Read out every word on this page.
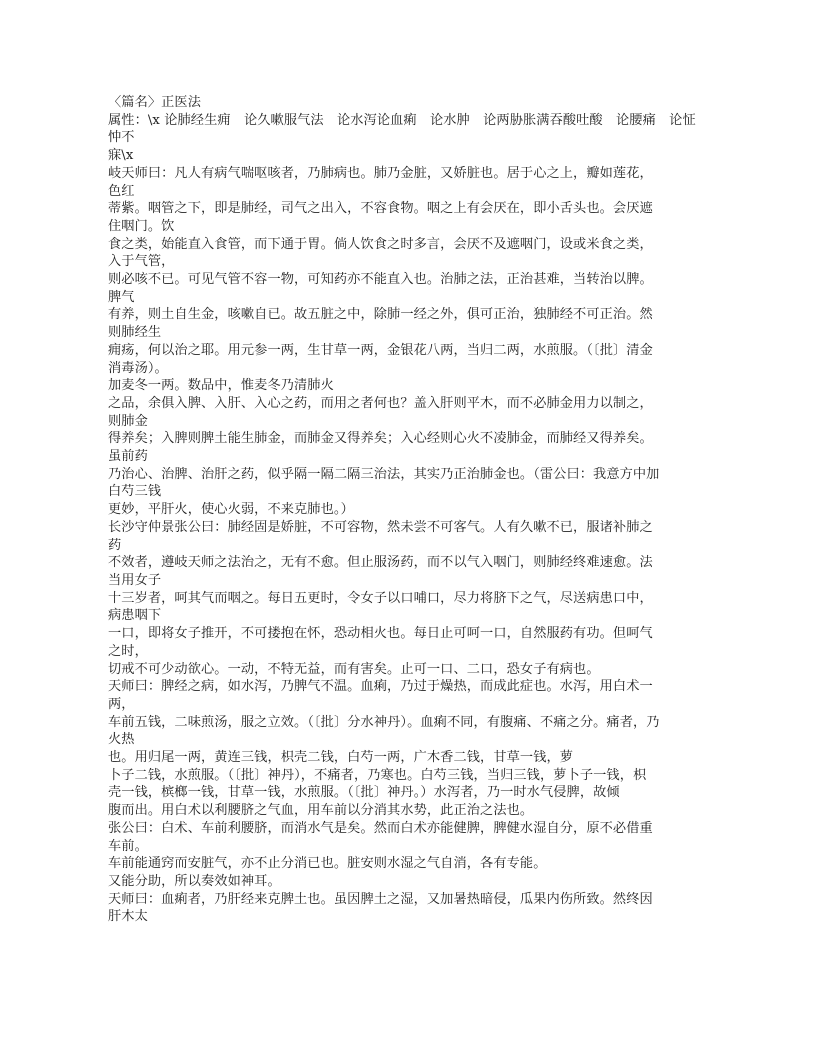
〈篇名〉正医法
属性：\x 论肺经生痈　论久嗽服气法　论水泻论血痢　论水肿　论两胁胀满吞酸吐酸　论腰痛　论怔
忡不
寐\x
岐天师曰：凡人有病气喘呕咳者，乃肺病也。肺乃金脏，又娇脏也。居于心之上，瓣如莲花，
色红
蒂紫。咽管之下，即是肺经，司气之出入，不容食物。咽之上有会厌在，即小舌头也。会厌遮
住咽门。饮
食之类，始能直入食管，而下通于胃。倘人饮食之时多言，会厌不及遮咽门，设或米食之类，
入于气管，
则必咳不已。可见气管不容一物，可知药亦不能直入也。治肺之法，正治甚难，当转治以脾。
脾气
有养，则土自生金，咳嗽自已。故五脏之中，除肺一经之外，俱可正治，独肺经不可正治。然
则肺经生
痈疡，何以治之耶。用元参一两，生甘草一两，金银花八两，当归二两，水煎服。（〔批〕清金
消毒汤）。
加麦冬一两。数品中，惟麦冬乃清肺火
之品，余俱入脾、入肝、入心之药，而用之者何也？盖入肝则平木，而不必肺金用力以制之，
则肺金
得养矣；入脾则脾土能生肺金，而肺金又得养矣；入心经则心火不凌肺金，而肺经又得养矣。
虽前药
乃治心、治脾、治肝之药，似乎隔一隔二隔三治法，其实乃正治肺金也。（雷公曰：我意方中加
白芍三钱
更妙，平肝火，使心火弱，不来克肺也。）
长沙守仲景张公曰：肺经固是娇脏，不可容物，然未尝不可客气。人有久嗽不已，服诸补肺之
药
不效者，遵岐天师之法治之，无有不愈。但止服汤药，而不以气入咽门，则肺经终难速愈。法
当用女子
十三岁者，呵其气而咽之。每日五更时，令女子以口哺口，尽力将脐下之气，尽送病患口中，
病患咽下
一口，即将女子推开，不可搂抱在怀，恐动相火也。每日止可呵一口，自然服药有功。但呵气
之时，
切戒不可少动欲心。一动，不特无益，而有害矣。止可一口、二口，恐女子有病也。
天师曰：脾经之病，如水泻，乃脾气不温。血痢，乃过于燥热，而成此症也。水泻，用白术一
两，
车前五钱，二味煎汤，服之立效。（〔批〕分水神丹）。血痢不同，有腹痛、不痛之分。痛者，乃
火热
也。用归尾一两，黄连三钱，枳壳二钱，白芍一两，广木香二钱，甘草一钱，萝
卜子二钱，水煎服。（〔批〕神丹），不痛者，乃寒也。白芍三钱，当归三钱，萝卜子一钱，枳
壳一钱，槟榔一钱，甘草一钱，水煎服。（〔批〕神丹。）水泻者，乃一时水气侵脾，故倾
腹而出。用白术以利腰脐之气血，用车前以分消其水势，此正治之法也。
张公曰：白术、车前利腰脐，而消水气是矣。然而白术亦能健脾，脾健水湿自分，原不必借重
车前。
车前能通窍而安脏气，亦不止分消已也。脏安则水湿之气自消，各有专能。
又能分助，所以奏效如神耳。
天师曰：血痢者，乃肝经来克脾土也。虽因脾土之湿，又加暑热暗侵，瓜果内伤所致。然终因
肝木太
